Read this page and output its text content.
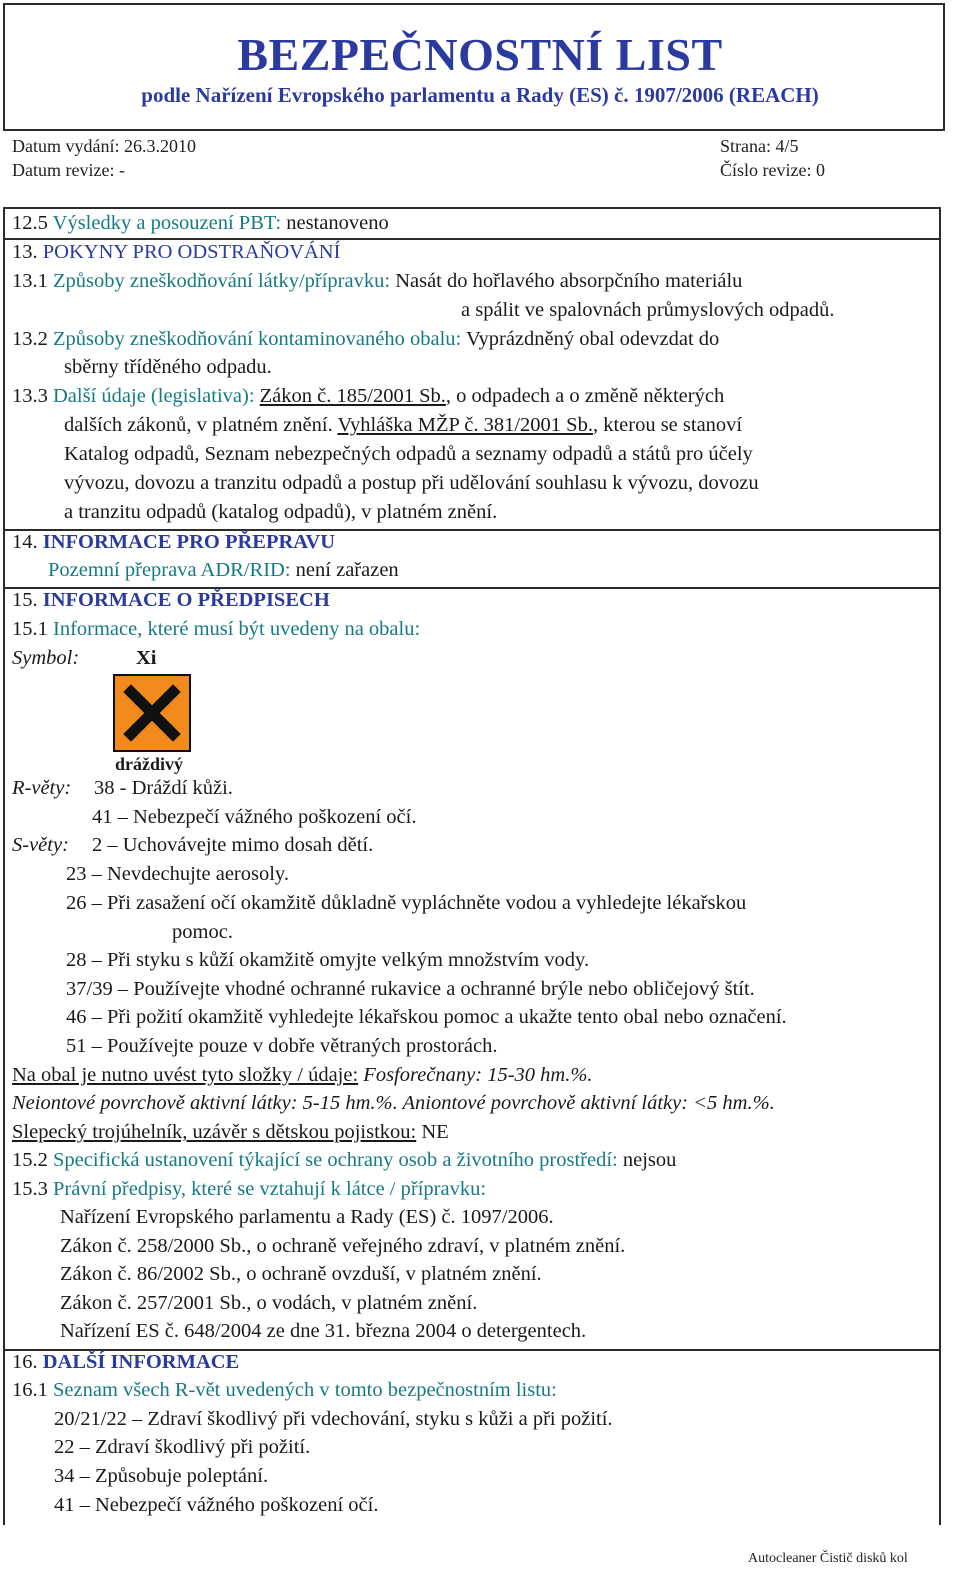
BEZPEČNOSTNÍ LIST
podle Nařízení Evropského parlamentu a Rady (ES) č. 1907/2006 (REACH)
Datum vydání: 26.3.2010
Datum revize: -
Strana: 4/5
Číslo revize: 0
12.5 Výsledky a posouzení PBT: nestanoveno
13. POKYNY PRO ODSTRAŇOVÁNÍ
13.1 Způsoby zneškodňování látky/přípravku: Nasát do hořlavého absorpčního materiálu
a spálit ve spalovnách průmyslových odpadů.
13.2 Způsoby zneškodňování kontaminovaného obalu: Vyprázdněný obal odevzdat do
sběrny tříděného odpadu.
13.3 Další údaje (legislativa): Zákon č. 185/2001 Sb., o odpadech a o změně některých
dalších zákonů, v platném znění. Vyhláška MŽP č. 381/2001 Sb., kterou se stanoví
Katalog odpadů, Seznam nebezpečných odpadů a seznamy odpadů a států pro účely
vývozu, dovozu a tranzitu odpadů a postup při udělování souhlasu k vývozu, dovozu
a tranzitu odpadů (katalog odpadů), v platném znění.
14. INFORMACE PRO PŘEPRAVU
Pozemní přeprava ADR/RID: není zařazen
15. INFORMACE O PŘEDPISECH
15.1 Informace, které musí být uvedeny na obalu:
Symbol:	Xi
dráždivý
R-věty: 38 - Dráždí kůži.
41 – Nebezpečí vážného poškození očí.
S-věty: 2 – Uchovávejte mimo dosah dětí.
23 – Nevdechujte aerosoly.
26 – Při zasažení očí okamžitě důkladně vypláchněte vodou a vyhledejte lékařskou
pomoc.
28 – Při styku s kůží okamžitě omyjte velkým množstvím vody.
37/39 – Používejte vhodné ochranné rukavice a ochranné brýle nebo obličejový štít.
46 – Při požití okamžitě vyhledejte lékařskou pomoc a ukažte tento obal nebo označení.
51 – Používejte pouze v dobře větraných prostorách.
Na obal je nutno uvést tyto složky / údaje: Fosforečnany: 15-30 hm.%.
Neiontové povrchově aktivní látky: 5-15 hm.%. Aniontové povrchově aktivní látky: <5 hm.%.
Slepecký trojúhelník, uzávěr s dětskou pojistkou: NE
15.2 Specifická ustanovení týkající se ochrany osob a životního prostředí: nejsou
15.3 Právní předpisy, které se vztahují k látce / přípravku:
Nařízení Evropského parlamentu a Rady (ES) č. 1097/2006.
Zákon č. 258/2000 Sb., o ochraně veřejného zdraví, v platném znění.
Zákon č. 86/2002 Sb., o ochraně ovzduší, v platném znění.
Zákon č. 257/2001 Sb., o vodách, v platném znění.
Nařízení ES č. 648/2004 ze dne 31. března 2004 o detergentech.
16. DALŠÍ INFORMACE
16.1 Seznam všech R-vět uvedených v tomto bezpečnostním listu:
20/21/22 – Zdraví škodlivý při vdechování, styku s kůži a při požití.
22 – Zdraví škodlivý při požití.
34 – Způsobuje poleptání.
41 – Nebezpečí vážného poškození očí.
Autocleaner Čistič disků kol
